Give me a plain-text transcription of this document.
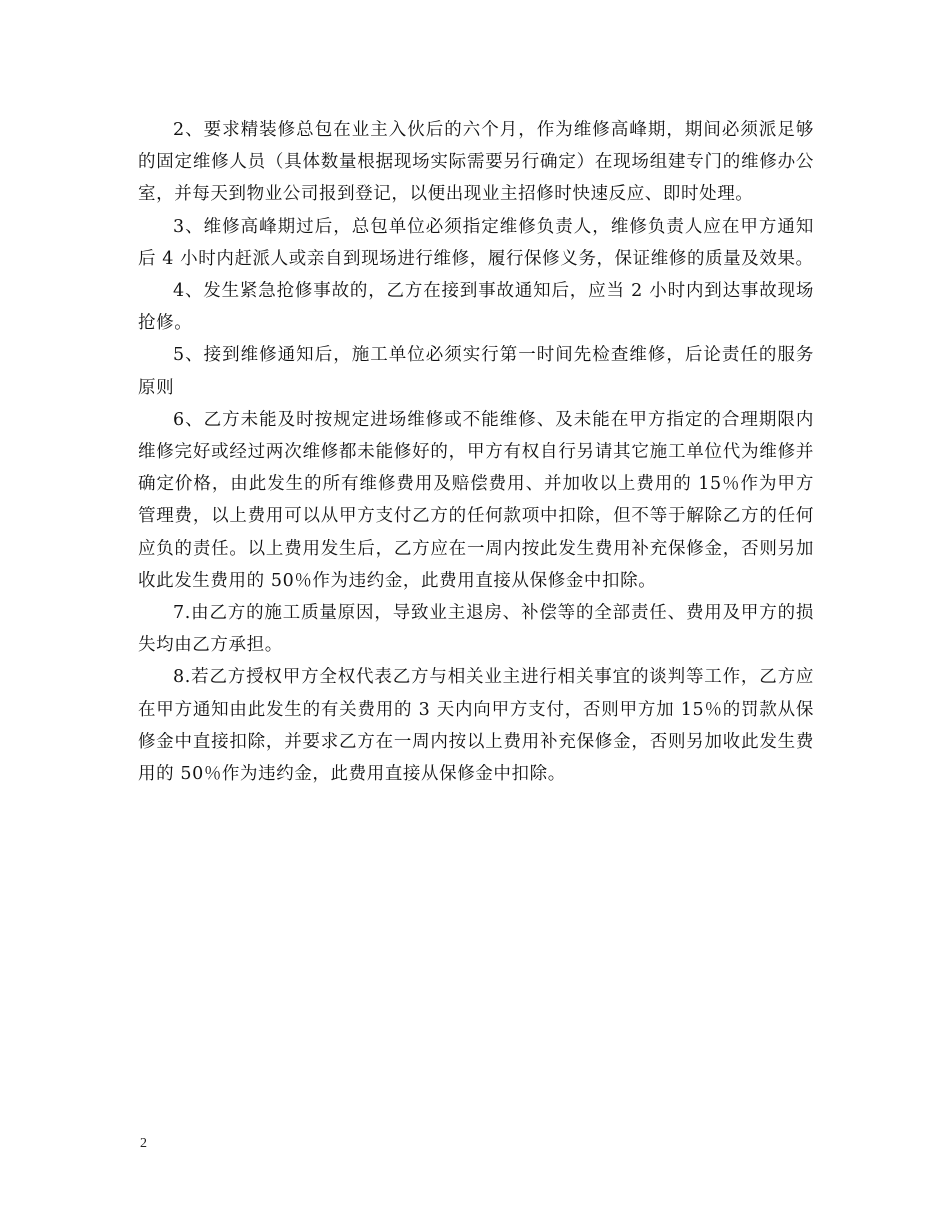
2、要求精装修总包在业主入伙后的六个月，作为维修高峰期，期间必须派足够的固定维修人员（具体数量根据现场实际需要另行确定）在现场组建专门的维修办公室，并每天到物业公司报到登记，以便出现业主招修时快速反应、即时处理。

3、维修高峰期过后，总包单位必须指定维修负责人，维修负责人应在甲方通知后 4 小时内赶派人或亲自到现场进行维修，履行保修义务，保证维修的质量及效果。

4、发生紧急抢修事故的，乙方在接到事故通知后，应当 2 小时内到达事故现场抢修。

5、接到维修通知后，施工单位必须实行第一时间先检查维修，后论责任的服务原则

6、乙方未能及时按规定进场维修或不能维修、及未能在甲方指定的合理期限内维修完好或经过两次维修都未能修好的，甲方有权自行另请其它施工单位代为维修并确定价格，由此发生的所有维修费用及赔偿费用、并加收以上费用的 15％作为甲方管理费，以上费用可以从甲方支付乙方的任何款项中扣除，但不等于解除乙方的任何应负的责任。以上费用发生后，乙方应在一周内按此发生费用补充保修金，否则另加收此发生费用的 50％作为违约金，此费用直接从保修金中扣除。

7.由乙方的施工质量原因，导致业主退房、补偿等的全部责任、费用及甲方的损失均由乙方承担。

8.若乙方授权甲方全权代表乙方与相关业主进行相关事宜的谈判等工作，乙方应在甲方通知由此发生的有关费用的 3 天内向甲方支付，否则甲方加 15％的罚款从保修金中直接扣除，并要求乙方在一周内按以上费用补充保修金，否则另加收此发生费用的 50％作为违约金，此费用直接从保修金中扣除。

2
